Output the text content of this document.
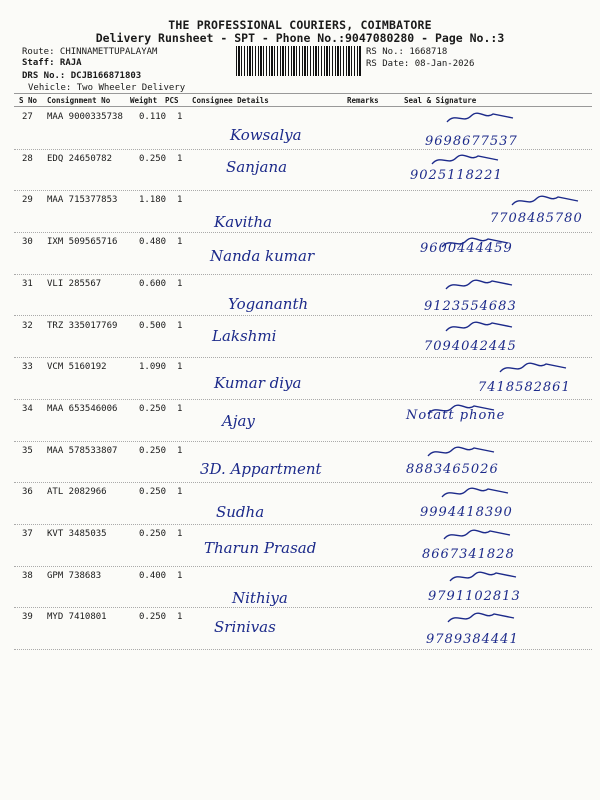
THE PROFESSIONAL COURIERS, COIMBATORE
Delivery Runsheet - SPT - Phone No.:9047080280 - Page No.:3
Route: CHINNAMETTUPALAYAM
Staff: RAJA
DRS No.: DCJB166871803
Vehicle: Two Wheeler Delivery
RS No.: 1668718
RS Date: 08-Jan-2026
S No Consignment No	Weight PCS Consignee Details	Remarks	Seal & Signature
27 MAA 9000335738 0.110 1
Kowsalya	9698677537
28 EDQ 24650782	0.250 1	Sanjana	9025118221
29 MAA 715377853 1.180 1
Kavitha	7708485780
30 IXM 509565716 0.480 1
Nanda kumar	9600444459
31 VLI 285567	0.600 1
Yogananth	9123554683
32 TRZ 335017769 0.500 1
Lakshmi
7094042445
33 VCM 5160192	1.090 1
Kumar diya	7418582861
34 MAA 653546006 0.250 1
Ajay	Notatt phone
35 MAA 578533807 0.250 1
3D. Appartment	8883465026
36 ATL 2082966	0.250 1
Sudha	9994418390
37 KVT 3485035	0.250 1
Tharun Prasad	8667341828
38 GPM 738683	0.400 1
Nithiya	9791102813
39 MYD 7410801	0.250 1
Srinivas
9789384441
